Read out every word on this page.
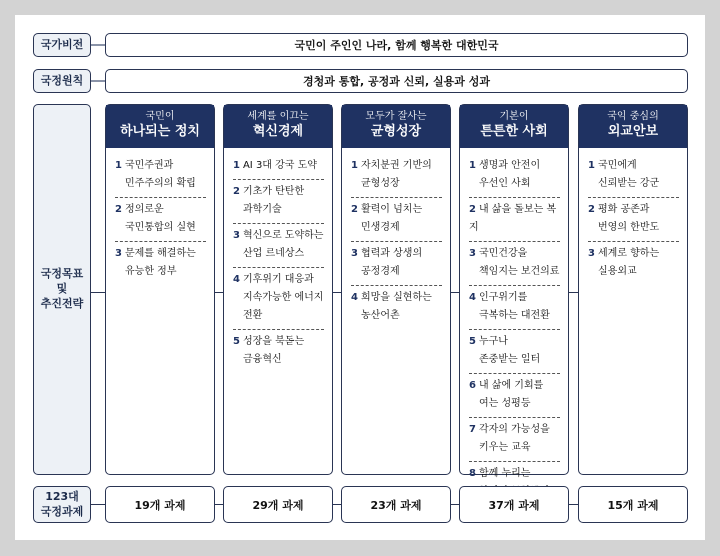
국가비전	국민이 주인인 나라, 함께 행복한 대한민국
국정원칙	경청과 통합, 공정과 신뢰, 실용과 성과
국정목표
및
추진전략
국민이
하나되는 정치
1 국민주권과
민주주의의 확립
2 정의로운
국민통합의 실현
3 문제를 해결하는
유능한 정부
세계를 이끄는
혁신경제
1 AI 3대 강국 도약
2 기초가 탄탄한
과학기술
3 혁신으로 도약하는
산업 르네상스
4 기후위기 대응과
지속가능한 에너지 전환
5 성장을 북돋는
금융혁신
모두가 잘사는
균형성장
1 자치분권 기반의
균형성장
2 활력이 넘치는
민생경제
3 협력과 상생의
공정경제
4 희망을 실현하는
농산어촌
기본이
튼튼한 사회
1 생명과 안전이
우선인 사회
2 내 삶을 돌보는 복지
3 국민건강을
책임지는 보건의료
4 인구위기를
극복하는 대전환
5 누구나
존중받는 일터
6 내 삶에 기회를
여는 성평등
7 각자의 가능성을
키우는 교육
8 함께 누리는
국익 중심의
외교안보
1 국민에게
신뢰받는 강군
2 평화 공존과
번영의 한반도
3 세계로 향하는
실용외교
123대
국정과제	19개 과제	29개 과제	23개 과제	37개 과제	15개 과제
